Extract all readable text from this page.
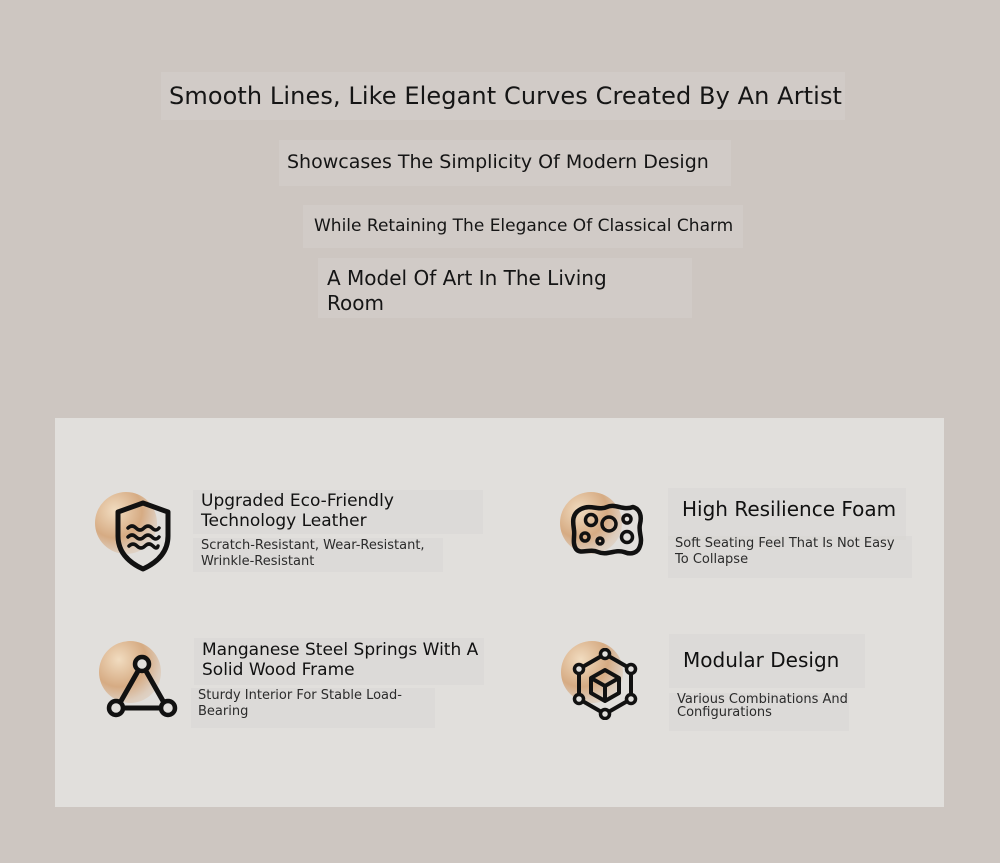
Smooth Lines, Like Elegant Curves Created By An Artist
Showcases The Simplicity Of Modern Design
While Retaining The Elegance Of Classical Charm
A Model Of Art In The Living Room
Upgraded Eco-Friendly Technology Leather
Scratch-Resistant, Wear-Resistant, Wrinkle-Resistant
High Resilience Foam
Soft Seating Feel That Is Not Easy To Collapse
Manganese Steel Springs With A Solid Wood Frame
Sturdy Interior For Stable Load-Bearing
Modular Design
Various Combinations And Configurations
